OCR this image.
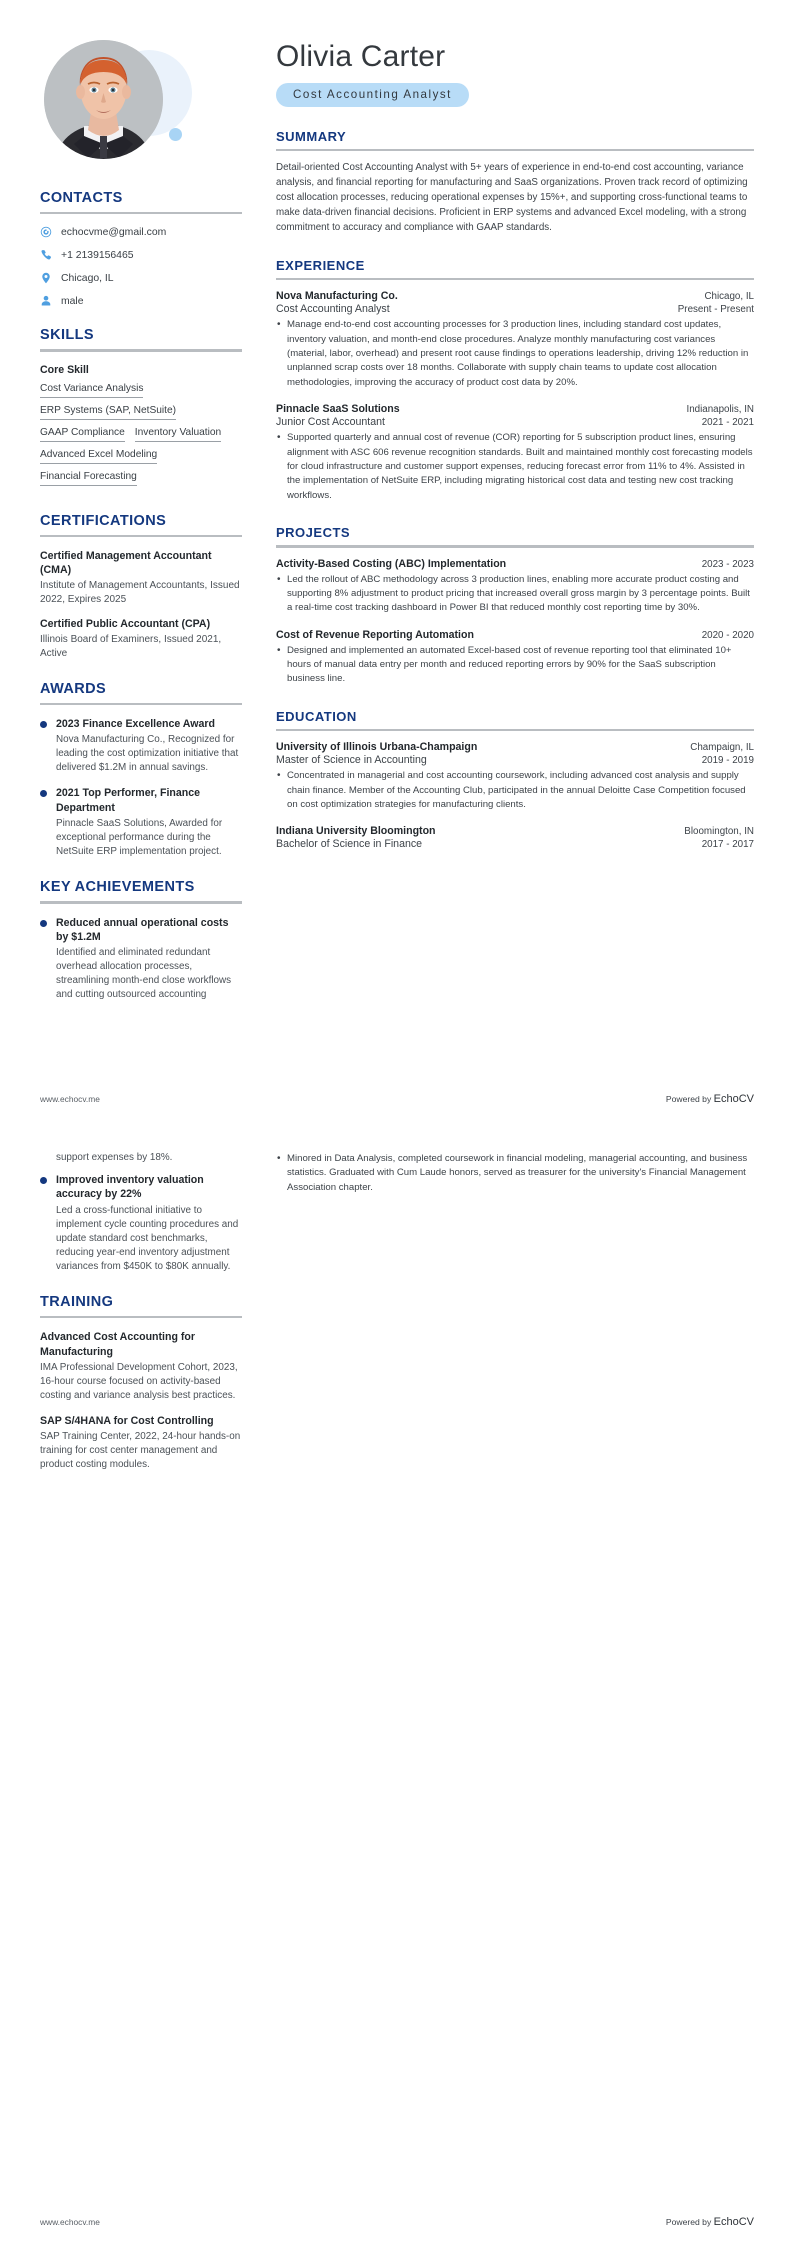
CONTACTS
echocvme@gmail.com
+1 2139156465
Chicago, IL
male
SKILLS
Core Skill
Cost Variance Analysis
ERP Systems (SAP, NetSuite)
GAAP Compliance Inventory Valuation
Advanced Excel Modeling
Financial Forecasting
CERTIFICATIONS
Certified Management Accountant (CMA)
Institute of Management Accountants, Issued 2022, Expires 2025
Certified Public Accountant (CPA)
Illinois Board of Examiners, Issued 2021, Active
AWARDS
2023 Finance Excellence Award
Nova Manufacturing Co., Recognized for leading the cost optimization initiative that delivered $1.2M in annual savings.
2021 Top Performer, Finance Department
Pinnacle SaaS Solutions, Awarded for exceptional performance during the NetSuite ERP implementation project.
KEY ACHIEVEMENTS
Reduced annual operational costs by $1.2M
Identified and eliminated redundant overhead allocation processes, streamlining month-end close workflows and cutting outsourced accounting
Olivia Carter
Cost Accounting Analyst
SUMMARY

Detail-oriented Cost Accounting Analyst with 5+ years of experience in end-to-end cost accounting, variance analysis, and financial reporting for manufacturing and SaaS organizations. Proven track record of optimizing cost allocation processes, reducing operational expenses by 15%+, and supporting cross-functional teams to make data-driven financial decisions. Proficient in ERP systems and advanced Excel modeling, with a strong commitment to accuracy and compliance with GAAP standards.

EXPERIENCE
Nova Manufacturing Co.	Chicago, IL
Cost Accounting Analyst	Present - Present
• Manage end-to-end cost accounting processes for 3 production lines, including standard cost updates, inventory valuation, and month-end close procedures. Analyze monthly manufacturing cost variances (material, labor, overhead) and present root cause findings to operations leadership, driving 12% reduction in unplanned scrap costs over 18 months. Collaborate with supply chain teams to update cost allocation methodologies, improving the accuracy of product cost data by 20%.
Pinnacle SaaS Solutions	Indianapolis, IN
Junior Cost Accountant	2021 - 2021
• Supported quarterly and annual cost of revenue (COR) reporting for 5 subscription product lines, ensuring alignment with ASC 606 revenue recognition standards. Built and maintained monthly cost forecasting models for cloud infrastructure and customer support expenses, reducing forecast error from 11% to 4%. Assisted in the implementation of NetSuite ERP, including migrating historical cost data and testing new cost tracking workflows.
PROJECTS
Activity-Based Costing (ABC) Implementation	2023 - 2023
• Led the rollout of ABC methodology across 3 production lines, enabling more accurate product costing and supporting 8% adjustment to product pricing that increased overall gross margin by 3 percentage points. Built a real-time cost tracking dashboard in Power BI that reduced monthly cost reporting time by 30%.
Cost of Revenue Reporting Automation	2020 - 2020
• Designed and implemented an automated Excel-based cost of revenue reporting tool that eliminated 10+ hours of manual data entry per month and reduced reporting errors by 90% for the SaaS subscription business line.
EDUCATION
University of Illinois Urbana-Champaign	Champaign, IL
Master of Science in Accounting	2019 - 2019
• Concentrated in managerial and cost accounting coursework, including advanced cost analysis and supply chain finance. Member of the Accounting Club, participated in the annual Deloitte Case Competition focused on cost optimization strategies for manufacturing clients.
Indiana University Bloomington	Bloomington, IN
Bachelor of Science in Finance	2017 - 2017
www.echocv.me	Powered by EchoCV
support expenses by 18%.
Improved inventory valuation accuracy by 22%
Led a cross-functional initiative to implement cycle counting procedures and update standard cost benchmarks, reducing year-end inventory adjustment variances from $450K to $80K annually.
TRAINING
Advanced Cost Accounting for Manufacturing
IMA Professional Development Cohort, 2023, 16-hour course focused on activity-based costing and variance analysis best practices.
SAP S/4HANA for Cost Controlling
SAP Training Center, 2022, 24-hour hands-on training for cost center management and product costing modules.
• Minored in Data Analysis, completed coursework in financial modeling, managerial accounting, and business statistics. Graduated with Cum Laude honors, served as treasurer for the university's Financial Management Association chapter.
www.echocv.me	Powered by EchoCV
